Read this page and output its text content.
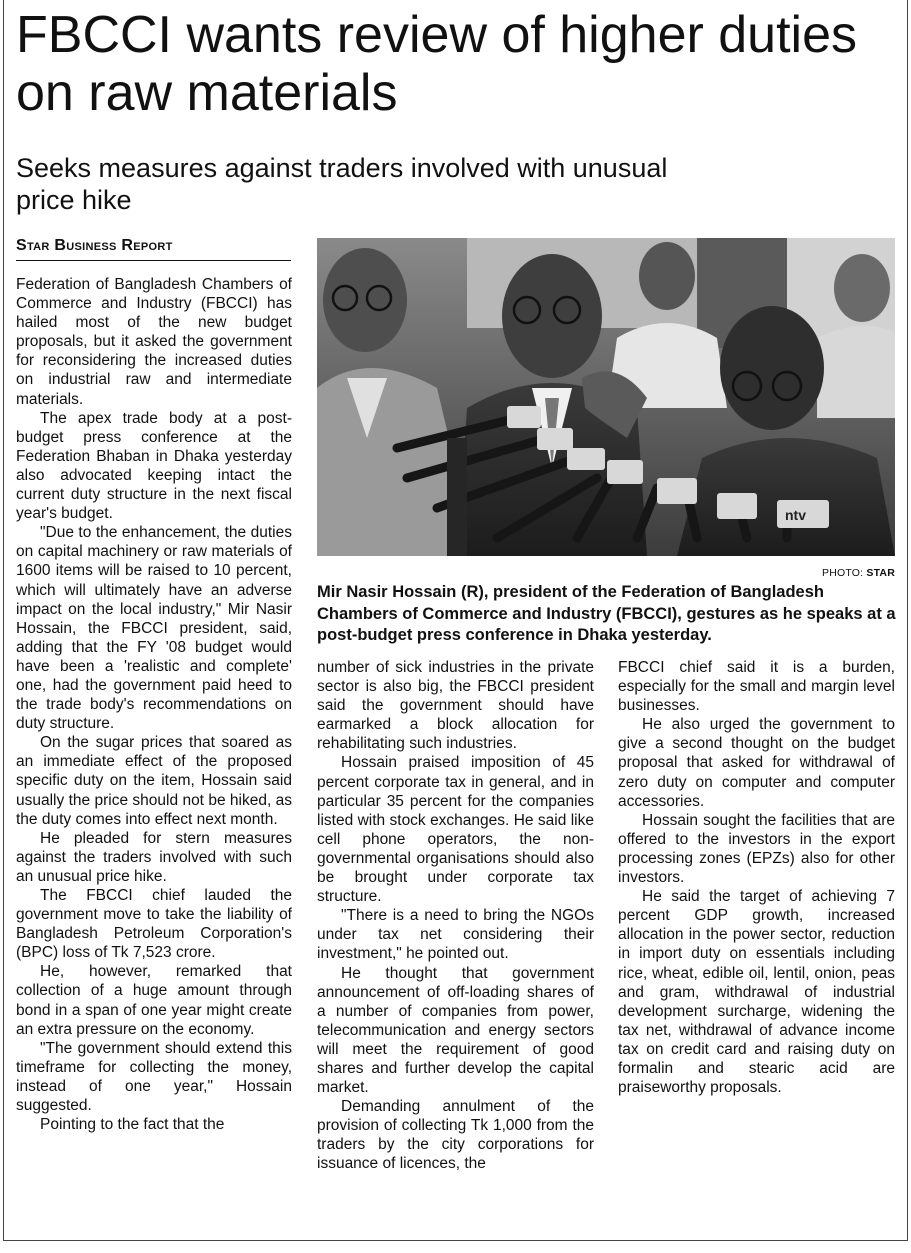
FBCCI wants review of higher duties on raw materials
Seeks measures against traders involved with unusual price hike
Star Business Report

Federation of Bangladesh Chambers of Commerce and Industry (FBCCI) has hailed most of the new budget proposals, but it asked the government for reconsidering the increased duties on industrial raw and intermediate materials.

The apex trade body at a post-budget press conference at the Federation Bhaban in Dhaka yesterday also advocated keeping intact the current duty structure in the next fiscal year's budget.

"Due to the enhancement, the duties on capital machinery or raw materials of 1600 items will be raised to 10 percent, which will ultimately have an adverse impact on the local industry," Mir Nasir Hossain, the FBCCI president, said, adding that the FY '08 budget would have been a 'realistic and complete' one, had the government paid heed to the trade body's recommendations on duty structure.

On the sugar prices that soared as an immediate effect of the proposed specific duty on the item, Hossain said usually the price should not be hiked, as the duty comes into effect next month.

He pleaded for stern measures against the traders involved with such an unusual price hike.

The FBCCI chief lauded the government move to take the liability of Bangladesh Petroleum Corporation's (BPC) loss of Tk 7,523 crore.

He, however, remarked that collection of a huge amount through bond in a span of one year might create an extra pressure on the economy.

"The government should extend this timeframe for collecting the money, instead of one year," Hossain suggested.

Pointing to the fact that the

ntv
PHOTO: STAR
Mir Nasir Hossain (R), president of the Federation of Bangladesh Chambers of Commerce and Industry (FBCCI), gestures as he speaks at a post-budget press conference in Dhaka yesterday.

number of sick industries in the private sector is also big, the FBCCI president said the government should have earmarked a block allocation for rehabilitating such industries.

Hossain praised imposition of 45 percent corporate tax in general, and in particular 35 percent for the companies listed with stock exchanges. He said like cell phone operators, the non-governmental organisations should also be brought under corporate tax structure.

"There is a need to bring the NGOs under tax net considering their investment," he pointed out.

He thought that government announcement of off-loading shares of a number of companies from power, telecommunication and energy sectors will meet the requirement of good shares and further develop the capital market.

Demanding annulment of the provision of collecting Tk 1,000 from the traders by the city corporations for issuance of licences, the

FBCCI chief said it is a burden, especially for the small and margin level businesses.

He also urged the government to give a second thought on the budget proposal that asked for withdrawal of zero duty on computer and computer accessories.

Hossain sought the facilities that are offered to the investors in the export processing zones (EPZs) also for other investors.

He said the target of achieving 7 percent GDP growth, increased allocation in the power sector, reduction in import duty on essentials including rice, wheat, edible oil, lentil, onion, peas and gram, withdrawal of industrial development surcharge, widening the tax net, withdrawal of advance income tax on credit card and raising duty on formalin and stearic acid are praiseworthy proposals.
